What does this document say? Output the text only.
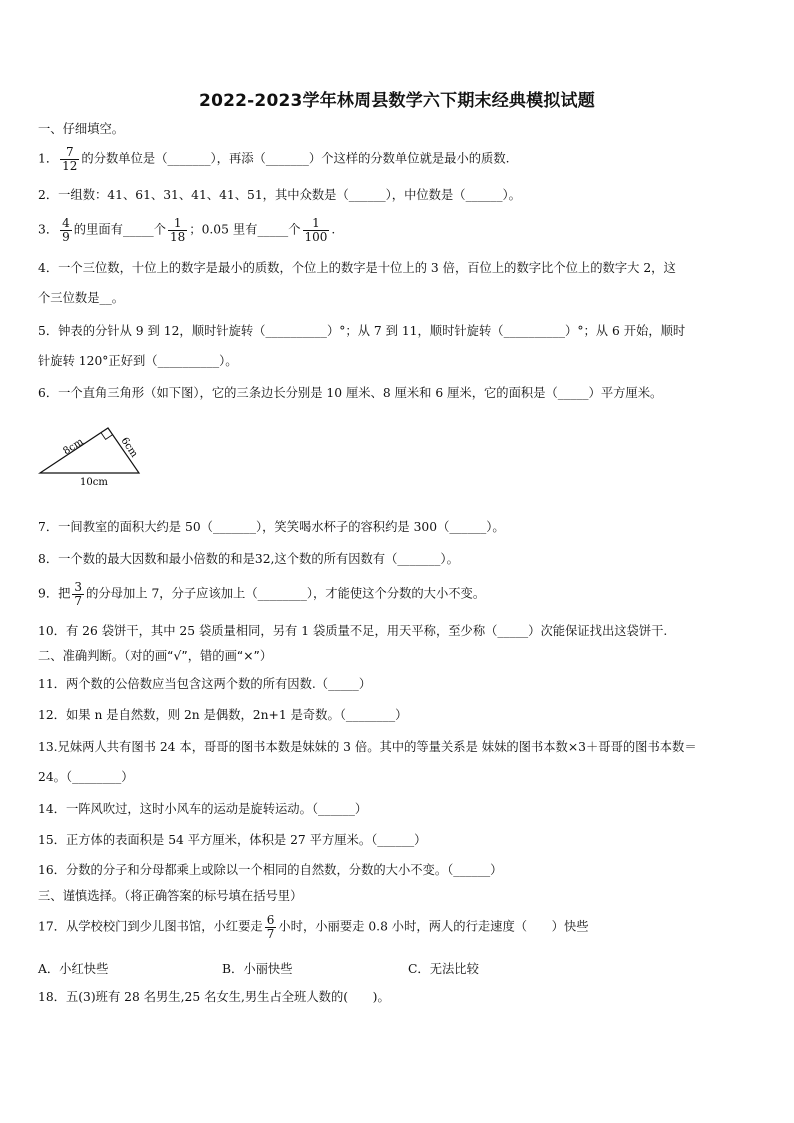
2022-2023学年林周县数学六下期末经典模拟试题
一、仔细填空。
1． $\frac{7}{12}$ 的分数单位是（_______），再添（_______）个这样的分数单位就是最小的质数.
2．一组数：41、61、31、41、41、51，其中众数是（______），中位数是（______）。
3． $\frac{4}{9}$ 的里面有_____个 $\frac{1}{18}$ ；0.05 里有_____个 $\frac{1}{100}$ .
4．一个三位数，十位上的数字是最小的质数，个位上的数字是十位上的 3 倍，百位上的数字比个位上的数字大 2，这
个三位数是__。
5．钟表的分针从 9 到 12，顺时针旋转（__________）°；从 7 到 11，顺时针旋转（__________）°；从 6 开始，顺时
针旋转 120°正好到（__________）。
6．一个直角三角形（如下图），它的三条边长分别是 10 厘米、8 厘米和 6 厘米，它的面积是（_____）平方厘米。
8cm	6cm
10cm
7．一间教室的面积大约是 50（_______），笑笑喝水杯子的容积约是 300（______）。
8．一个数的最大因数和最小倍数的和是32,这个数的所有因数有（_______）。
9．把 $\frac{3}{7}$ 的分母加上 7，分子应该加上（________），才能使这个分数的大小不变。
10．有 26 袋饼干，其中 25 袋质量相同，另有 1 袋质量不足，用天平称，至少称（_____）次能保证找出这袋饼干.
二、准确判断。（对的画“√”，错的画“×”）
11．两个数的公倍数应当包含这两个数的所有因数.（_____）
12．如果 n 是自然数，则 2n 是偶数，2n+1 是奇数。（________）
13.兄妹两人共有图书 24 本，哥哥的图书本数是妹妹的 3 倍。其中的等量关系是 妹妹的图书本数×3＋哥哥的图书本数＝
24。（________）
14．一阵风吹过，这时小风车的运动是旋转运动。（______）
15．正方体的表面积是 54 平方厘米，体积是 27 平方厘米。（______）
16．分数的分子和分母都乘上或除以一个相同的自然数，分数的大小不变。（______）
三、谨慎选择。（将正确答案的标号填在括号里）
17．从学校校门到少儿图书馆，小红要走 $\frac{6}{7}$ 小时，小丽要走 0.8 小时，两人的行走速度（　　）快些
A．小红快些	B．小丽快些	C．无法比较
18．五(3)班有 28 名男生,25 名女生,男生占全班人数的(　　)。
